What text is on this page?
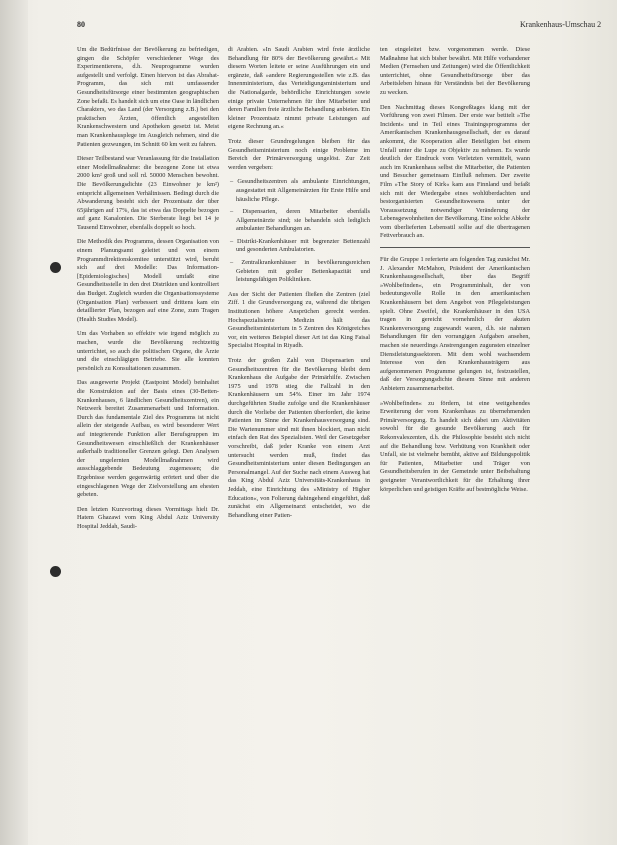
80	Krankenhaus-Umschau 2

Um die Bedürfnisse der Bevölkerung zu befriedigen, gingen die Schöpfer verschiedener Wege des Experimentierens, d.h. Neuprogramme wurden aufgestellt und verfolgt. Einen hiervon ist das Abrahat-Programm, das sich mit umfassender Gesundheitsfürsorge einer bestimmten geographischen Zone befaßt. Es handelt sich um eine Oase in ländlichen Charakters, wo das Land (der Versorgung z.B.) bei den praktischen Ärzten, öffentlich angestellten Krankenschwestern und Apotheken gesetzt ist. Meist man Krankenhausplege im Ausgleich nehmen, sind die Patienten gezwungen, im Schnitt 60 km weit zu fahren.

Dieser Teilbestand war Veranlassung für die Installation einer Modellmaßnahme: die bezogene Zone ist etwa 2000 km² groß und soll rd. 50000 Menschen bewohnt. Die Bevölkerungsdichte (23 Einwohner je km²) entspricht allgemeinen Verhältnissen. Bedingt durch die Abwanderung besteht sich der Prozentsatz der über 65jährigen auf 17%, das ist etwa das Doppelte bezogen auf ganz Kanalonien. Die Sterberate liegt bei 14 je Tausend Einwohner, ebenfalls doppelt so hoch.

Die Methodik des Programms, dessen Organisation von einem Planungsamt geleitet und von einem Programmdirektionskomitee unterstützt wird, beruht sich auf drei Modelle: Das Information-[Epidemiologisches] Modell umfaßt eine Gesundheitsstelle in den drei Distrikten und kontrolliert das Budget. Zugleich wurden die Organisationssysteme (Organisation Plan) verbessert und drittens kam ein detaillierter Plan, bezogen auf eine Zone, zum Tragen (Health Studies Model).

Um das Vorhaben so effektiv wie irgend möglich zu machen, wurde die Bevölkerung rechtzeitig unterrichtet, so auch die politischen Organe, die Ärzte und die einschlägigen Betriebe. Sie alle konnten persönlich zu Konsultationen zusammen.

Das ausgewerte Projekt (Eastpoint Model) beinhaltet die Konstruktion auf der Basis eines (30-Betten-Krankenhauses, 6 ländlichen Gesundheitszentren), ein Netzwerk bereitet Zusammenarbeit und Information. Durch das fundamentale Ziel des Programms ist nicht allein der steigende Aufbau, es wird besonderer Wert auf integrierende Funktion aller Berufsgruppen im Gesundheitswesen einschließlich der Krankenhäuser außerhalb traditioneller Grenzen gelegt. Den Analysen der ungelernten Modellmaßnahmen wird ausschlaggebende Bedeutung zugemessen; die Ergebnisse werden gegenwärtig erörtert und über die eingeschlagenen Wege der Zielvorstellung am ehesten gebeten.

Den letzten Kurzvortrag dieses Vormittags hielt Dr. Hatem Ghazawi vom King Abdul Aziz University Hospital Jeddah, Saudi-

di Arabien. »In Saudi Arabien wird freie ärztliche Behandlung für 80% der Bevölkerung gewährt.« Mit diesem Worten leitete er seine Ausführungen ein und ergänzte, daß »andere Regierungsstellen wie z.B. das Innenministerium, das Verteidigungsministerium und die Nationalgarde, behördliche Einrichtungen sowie einige private Unternehmen für ihre Mitarbeiter und deren Familien freie ärztliche Behandlung anbieten. Ein kleiner Prozentsatz nimmt private Leistungen auf eigene Rechnung an.«

Trotz dieser Grundregelungen bleiben für das Gesundheitsministerium noch einige Probleme im Bereich der Primärversorgung ungelöst. Zur Zeit werden vergeben:

– Gesundheitszentren als ambulante Einrichtungen, ausgestattet mit Allgemeinärzten für Erste Hilfe und häusliche Pflege.
– Dispensarien, deren Mitarbeiter ebenfalls Allgemeinärzte sind; sie behandeln sich lediglich ambulanter Behandlungen an.
– Distrikt-Krankenhäuser mit begrenzter Bettenzahl und gesonderten Ambulatorien.
– Zentralkrankenhäuser in bevölkerungsreichen Gebieten mit großer Bettenkapazität und leistungsfähigen Polikliniken.

Aus der Sicht der Patienten fließen die Zentren (ziel Ziff. 1 die Grundversorgung zu, während die übrigen Institutionen höhere Ansprüchen gerecht werden. Hochspezialisierte Medizin hält das Gesundheitsministerium in 5 Zentren des Königreiches vor, ein weiteres Beispiel dieser Art ist das King Faisal Specialist Hospital in Riyadh.

Trotz der großen Zahl von Dispensarien und Gesundheitszentren für die Bevölkerung bleibt dem Krankenhaus die Aufgabe der Primärhilfe. Zwischen 1975 und 1978 stieg die Fallzahl in den Krankenhäusern um 54%. Einer im Jahr 1974 durchgeführten Studie zufolge und die Krankenhäuser durch die Vorliebe der Patienten überfordert, die keine Patienten im Sinne der Krankenhausversorgung sind. Die Wartenummer sind mit ihnen blockiert, man nicht einfach den Rat des Spezialisten. Weil der Gesetzgeber vorschreibt, daß jeder Kranke von einem Arzt untersucht werden muß, findet das Gesundheitsministerium unter diesen Bedingungen an Personalmangel. Auf der Suche nach einem Ausweg hat das King Abdul Aziz Universitäts-Krankenhaus in Jeddah, eine Einrichtung des »Ministry of Higher Education«, von Folierung dahingehend eingeführt, daß zunächst ein Allgemeinarzt entscheidet, wo die Behandlung einer Patien-

ten eingeleitet bzw. vorgenommen werde. Diese Maßnahme hat sich bisher bewährt. Mit Hilfe vorhandener Medien (Fernsehen und Zeitungen) wird die Öffentlichkeit unterrichtet, ohne Gesundheitsfürsorge über das Arbeitsleben hinaus für Verständnis bei der Bevölkerung zu wecken.

Den Nachmittag dieses Kongreßtages klang mit der Vorführung von zwei Filmen. Der erste war betitelt »The Incident« und in Teil eines Trainingsprogramms der Amerikanischen Krankenhausgesellschaft, der es darauf ankommt, die Kooperation aller Beteiligten bei einem Unfall unter die Lupe zu Objektiv zu nehmen. Es wurde deutlich der Eindruck vom Verletzten vermittelt, wann auch im Krankenhaus selbst die Mitarbeiter, die Patienten und Besucher gemeinsam Einfluß nehmen. Der zweite Film »The Story of Kirk« kam aus Finnland und befaßt sich mit der Wiedergabe eines wohlüberdachten und bestorganisierten Gesundheitswesens unter der Voraussetzung notwendiger Veränderung der Lebensgewohnheiten der Bevölkerung. Eine solche Abkehr vom überlieferten Lebensstil sollte auf die übertragenen Fettverbrauch an.

Für die Gruppe 1 referierte am folgenden Tag zunächst Mr. J. Alexander McMahon, Präsident der Amerikanischen Krankenhausgesellschaft, über das Begriff »Wohlbefinden«, ein Programminhalt, der von bedeutungsvolle Rolle in den amerikanischen Krankenhäusern bei dem Angebot von Pflegeleistungen spielt. Ohne Zweifel, die Krankenhäuser in den USA tragen in gereicht vornehmlich der akuten Krankenversorgung zugewandt waren, d.h. sie nahmen Behandlungen für den vorrangigen Aufgaben ansehen, machen sie neuerdings Anstrengungen zugunsten einzelner Dienstleistungssektoren. Mit dem wohl wachsendem Interesse von den Krankenhausträgern aus aufgenommenen Programme gelungen ist, festzustellen, daß der Versorgungsdichte diesem Sinne mit anderen Anbietern zusammenarbeitet.

»Wohlbefinden« zu fördern, ist eine weitgehendes Erweiterung der vom Krankenhaus zu übernehmenden Primärversorgung. Es handelt sich dabei um Aktivitäten sowohl für die gesunde Bevölkerung auch für Rekonvaleszenten, d.h. die Philosophie besteht sich nicht auf die Behandlung bzw. Verhütung von Krankheit oder Unfall, sie ist vielmehr bemüht, aktive auf Bildungspolitik für Patienten, Mitarbeiter und Träger von Gesundheitsberufen in der Gemeinde unter Beibehaltung geeigneter Verantwortlichkeit für die Erhaltung ihrer körperlichen und geistigen Kräfte auf bestmögliche Weise.
